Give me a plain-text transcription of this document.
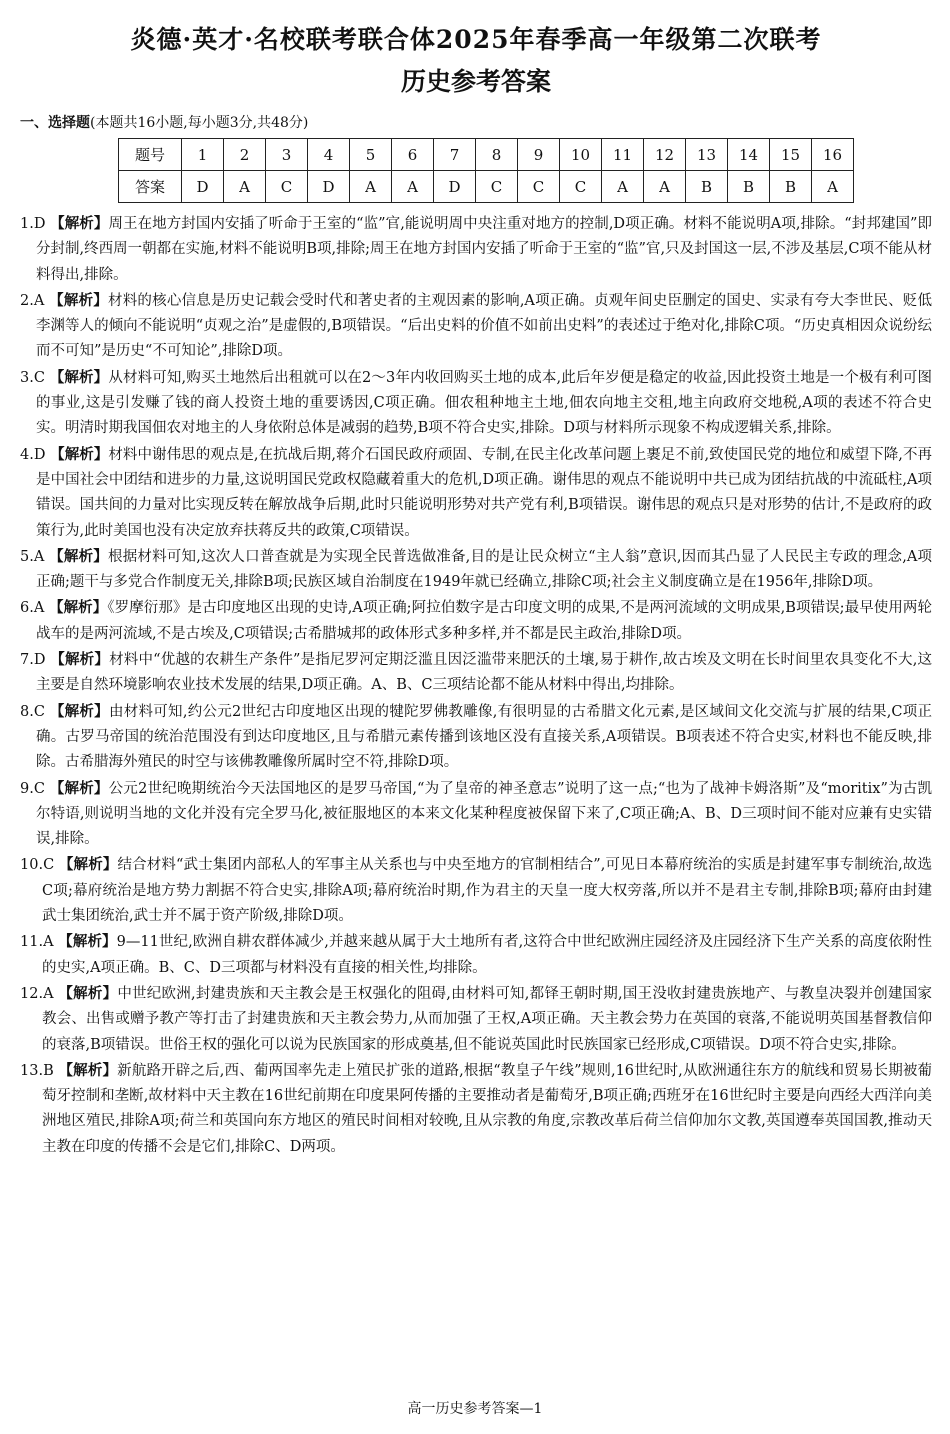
炎德·英才·名校联考联合体2025年春季高一年级第二次联考
历史参考答案
一、选择题(本题共16小题,每小题3分,共48分)
题号	1	2	3	4	5	6	7	8	9	10	11	12	13	14	15	16
答案	D	A	C	D	A	A	D	C	C	C	A	A	B	B	B	A

1.D 【解析】周王在地方封国内安插了听命于王室的“监”官,能说明周中央注重对地方的控制,D项正确。材料不能说明A项,排除。“封邦建国”即分封制,终西周一朝都在实施,材料不能说明B项,排除;周王在地方封国内安插了听命于王室的“监”官,只及封国这一层,不涉及基层,C项不能从材料得出,排除。

2.A 【解析】材料的核心信息是历史记载会受时代和著史者的主观因素的影响,A项正确。贞观年间史臣删定的国史、实录有夸大李世民、贬低李渊等人的倾向不能说明“贞观之治”是虚假的,B项错误。“后出史料的价值不如前出史料”的表述过于绝对化,排除C项。“历史真相因众说纷纭而不可知”是历史“不可知论”,排除D项。

3.C 【解析】从材料可知,购买土地然后出租就可以在2～3年内收回购买土地的成本,此后年岁便是稳定的收益,因此投资土地是一个极有利可图的事业,这是引发赚了钱的商人投资土地的重要诱因,C项正确。佃农租种地主土地,佃农向地主交租,地主向政府交地税,A项的表述不符合史实。明清时期我国佃农对地主的人身依附总体是减弱的趋势,B项不符合史实,排除。D项与材料所示现象不构成逻辑关系,排除。

4.D 【解析】材料中谢伟思的观点是,在抗战后期,蒋介石国民政府顽固、专制,在民主化改革问题上裹足不前,致使国民党的地位和威望下降,不再是中国社会中团结和进步的力量,这说明国民党政权隐藏着重大的危机,D项正确。谢伟思的观点不能说明中共已成为团结抗战的中流砥柱,A项错误。国共间的力量对比实现反转在解放战争后期,此时只能说明形势对共产党有利,B项错误。谢伟思的观点只是对形势的估计,不是政府的政策行为,此时美国也没有决定放弃扶蒋反共的政策,C项错误。

5.A 【解析】根据材料可知,这次人口普查就是为实现全民普选做准备,目的是让民众树立“主人翁”意识,因而其凸显了人民民主专政的理念,A项正确;题干与多党合作制度无关,排除B项;民族区域自治制度在1949年就已经确立,排除C项;社会主义制度确立是在1956年,排除D项。

6.A 【解析】《罗摩衍那》是古印度地区出现的史诗,A项正确;阿拉伯数字是古印度文明的成果,不是两河流域的文明成果,B项错误;最早使用两轮战车的是两河流域,不是古埃及,C项错误;古希腊城邦的政体形式多种多样,并不都是民主政治,排除D项。

7.D 【解析】材料中“优越的农耕生产条件”是指尼罗河定期泛滥且因泛滥带来肥沃的土壤,易于耕作,故古埃及文明在长时间里农具变化不大,这主要是自然环境影响农业技术发展的结果,D项正确。A、B、C三项结论都不能从材料中得出,均排除。

8.C 【解析】由材料可知,约公元2世纪古印度地区出现的犍陀罗佛教雕像,有很明显的古希腊文化元素,是区域间文化交流与扩展的结果,C项正确。古罗马帝国的统治范围没有到达印度地区,且与希腊元素传播到该地区没有直接关系,A项错误。B项表述不符合史实,材料也不能反映,排除。古希腊海外殖民的时空与该佛教雕像所属时空不符,排除D项。

9.C 【解析】公元2世纪晚期统治今天法国地区的是罗马帝国,“为了皇帝的神圣意志”说明了这一点;“也为了战神卡姆洛斯”及“moritix”为古凯尔特语,则说明当地的文化并没有完全罗马化,被征服地区的本来文化某种程度被保留下来了,C项正确;A、B、D三项时间不能对应兼有史实错误,排除。

10.C 【解析】结合材料“武士集团内部私人的军事主从关系也与中央至地方的官制相结合”,可见日本幕府统治的实质是封建军事专制统治,故选C项;幕府统治是地方势力割据不符合史实,排除A项;幕府统治时期,作为君主的天皇一度大权旁落,所以并不是君主专制,排除B项;幕府由封建武士集团统治,武士并不属于资产阶级,排除D项。

11.A 【解析】9—11世纪,欧洲自耕农群体减少,并越来越从属于大土地所有者,这符合中世纪欧洲庄园经济及庄园经济下生产关系的高度依附性的史实,A项正确。B、C、D三项都与材料没有直接的相关性,均排除。

12.A 【解析】中世纪欧洲,封建贵族和天主教会是王权强化的阻碍,由材料可知,都铎王朝时期,国王没收封建贵族地产、与教皇决裂并创建国家教会、出售或赠予教产等打击了封建贵族和天主教会势力,从而加强了王权,A项正确。天主教会势力在英国的衰落,不能说明英国基督教信仰的衰落,B项错误。世俗王权的强化可以说为民族国家的形成奠基,但不能说英国此时民族国家已经形成,C项错误。D项不符合史实,排除。

13.B 【解析】新航路开辟之后,西、葡两国率先走上殖民扩张的道路,根据“教皇子午线”规则,16世纪时,从欧洲通往东方的航线和贸易长期被葡萄牙控制和垄断,故材料中天主教在16世纪前期在印度果阿传播的主要推动者是葡萄牙,B项正确;西班牙在16世纪时主要是向西经大西洋向美洲地区殖民,排除A项;荷兰和英国向东方地区的殖民时间相对较晚,且从宗教的角度,宗教改革后荷兰信仰加尔文教,英国遵奉英国国教,推动天主教在印度的传播不会是它们,排除C、D两项。

高一历史参考答案—1
